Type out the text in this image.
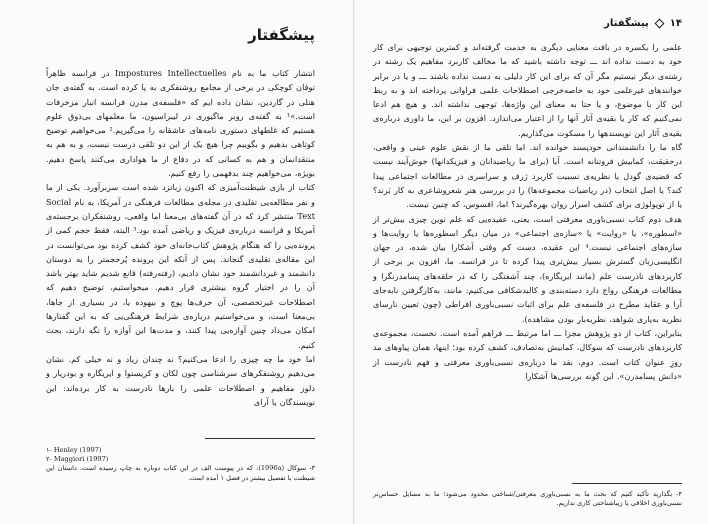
پیشگفتار

انتشار کتاب ما به نام Impostures Intellectuelles در فرانسه ظاهراً توفان کوچکی در برخی از مجامع روشنفکری به پا کرده است. به گفته‌ی جان هنلی در گاردین، نشان داده ایم که «فلسفه‌ی مدرن فرانسه انبار مزخرفات است.»¹ به گفته‌ی روبر ماگیوری در لیبراسیون، ما معلمهای بی‌ذوق علوم هستیم که غلطهای دستوری نامه‌های عاشقانه را می‌گیریم.² می‌خواهیم توضیح کوتاهی بدهیم و بگوییم چرا هیچ یک از این دو تلقی درست نیست، و به هم به منتقدانمان و هم به کسانی که در دفاع از ما هواداری می‌کنند پاسخ دهیم. بویژه، می‌خواهیم چند بدفهمی را رفع کنیم.

کتاب از بازی شیطنت‌آمیزی که اکنون زبانزد شده است سربرآورد. یکی از ما و نفر مطالعه‌یی تقلیدی در مجله‌ی مطالعات فرهنگی در آمریکا، به نام Social Text منتشر کرد که در آن گفته‌های بی‌معنا اما واقعی، روشنفکران برجسته‌ی آمریکا و فرانسه درباره‌ی فیزیک و ریاضی آمده بود.³ البته، فقط حجم کمی از پرونده‌یی را که هنگام پژوهش کتاب‌خانه‌ای خود کشف کرده بود می‌توانست در این مقاله‌ی تقلیدی گنجاند. پس از آنکه این پرونده پُرحجمتر را به دوستان دانشمند و غیردانشمند خود نشان دادیم، (رفته‌رفته) قانع شدیم شاید بهتر باشد آن را در اختیار گروه بیشتری قرار دهیم. میخواستیم، توضیح دهیم که اصطلاحات غیرتخصصی، آن حرف‌ها پوچ و بیهوده یا، در بسیاری از جاها، بی‌معنا است، و می‌خواستیم درباره‌ی شرایط فرهنگی‌یی که به این گفتارها امکان می‌داد چنین آوازه‌یی پیدا کنند، و مدت‌ها این آوازه را نگه دارند، بحث کنیم.

اما خود ما چه چیزی را ادعا می‌کنیم؟ نه چندان زیاد و نه خیلی کم. نشان می‌دهیم روشنفکرهای سرشناسی چون لکان و کریستوا و ایریگاره و بودریار و دلوز مفاهیم و اصطلاحات علمی را بارها نادرست به کار برده‌اند: این نویسندگان یا آرای

۱- Henley (1997)

۲- Maggiori (1997)

۳- سوکال (1996a)، که در پیوست الف در این کتاب دوباره به چاپ رسیده است. داستان این شیطنت با تفصیل بیشتر در فصل ۱ آمده است.

۱۴
پیشگفتار

علمی را یکسره در بافت معنایی دیگری به خدمت گرفته‌اند و کمترین توجیهی برای کار خود به دست نداده اند ـــ توجه داشته باشید که ما مخالف کاربرد مفاهیم یک رشته در رشته‌ی دیگر نیستیم مگر آن که برای این کار دلیلی به دست نداده باشند ـــ و یا در برابر خوانندهای غیرعلمی خود به خاصه‌خرجی اصطلاحات علمی فراوانی پرداخته اند و به ربط این کار با موضوع، و یا حتا به معنای این واژه‌ها، توجهی نداشته اند. و هیچ هم ادعا نمی‌کنیم که کار یا بقیه‌ی آثار آنها را از اعتبار می‌اندازد. افزون بر این، ما داوری درباره‌ی بقیه‌ی آثار این نویسندهها را مسکوت می‌گذاریم.

گاه ما را دانشمندانی خودپسند خوانده اند. اما تلقی ما از نقش علوم عینی و واقعی، درحقیقت، کمابیش فروتنانه است. آیا (برای ما ریاضیدانان و فیزیکدانها) خوش‌آیند نیست که قضیه‌ی گودل یا نظریه‌ی نسبیت کاربرد ژرف و سراسری در مطالعات اجتماعی پیدا کند؟ یا اصل انتخاب (در ریاضیات مجموعه‌ها) را در بررسی هنر شعروشاعری به کار بَرند؟ یا از توپولوژی برای کشف اسرار روان بهره‌گیرند؟ اما، افسوس، که چنین نیست.

هدف دوم کتاب نسبی‌باوری معرفتی است، یعنی، عقیده‌یی که علم نوین چیزی بیش‌تر از «اسطوره»، یا «روایت» یا «سازه‌ی اجتماعی» در میان دیگر اسطوره‌ها یا روایت‌ها و سازه‌های اجتماعی نیست.⁴ این عقیده، دست کم وقتی آشکارا بیان شده، در جهان انگلیسی‌زبان گسترش بسیار بیش‌تری پیدا کرده تا در فرانسه. ما، افزون بر برخی از کاربردهای نادرست علم (مانند ایریگاره)، چند آشفتگی را که در حلقه‌های پسامدرنگرا و مطالعات فرهنگی رواج دارد دسته‌بندی و کالبدشکافی می‌کنیم: مانند، به‌کارگرفتن نابه‌جای آرا و عقاید مطرح در فلسفه‌ی علم برای اثبات نسبی‌باوری افراطی (چون تعیین نارسای نظریه به‌یاری شواهد، نظریه‌بار بودن مشاهده).

بنابراین، کتاب از دو پژوهش مجزا ـــ اما مرتبط ـــ فراهم آمده است. نخست، مجموعه‌ی کاربردهای نادرست که سوکال، کمابیش به‌تصادف، کشف کرده بود؛ اینها، همان پیاوهای مد روزِ عنوان کتاب است. دوم، نقد ما درباره‌ی نسبی‌باوری معرفتی و فهم نادرست از «دانش پسامدرن». این گونه بررسی‌ها آشکارا

۴- بگذارید تأکید کنیم که بحث ما به نسبی‌باوری معرفتی/شناختی محدود می‌شود؛ ما به مسایل حساس‌تر نسبی‌باوری اخلاقی یا زیباشناختی کاری نداریم.
